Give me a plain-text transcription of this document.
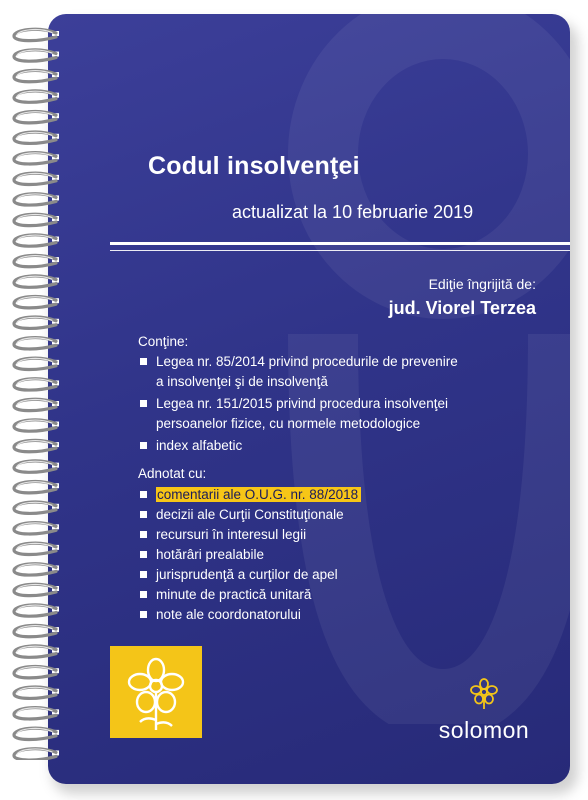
Codul insolvenţei

actualizat la 10 februarie 2019

Ediţie îngrijită de:

jud. Viorel Terzea

Conţine:

Legea nr. 85/2014 privind procedurile de prevenire
a insolvenţei şi de insolvenţă
Legea nr. 151/2015 privind procedura insolvenţei
persoanelor fizice, cu normele metodologice
index alfabetic

Adnotat cu:

comentarii ale O.U.G. nr. 88/2018
decizii ale Curţii Constituţionale
recursuri în interesul legii
hotărâri prealabile
jurisprudenţă a curţilor de apel
minute de practică unitară
note ale coordonatorului
solomon
